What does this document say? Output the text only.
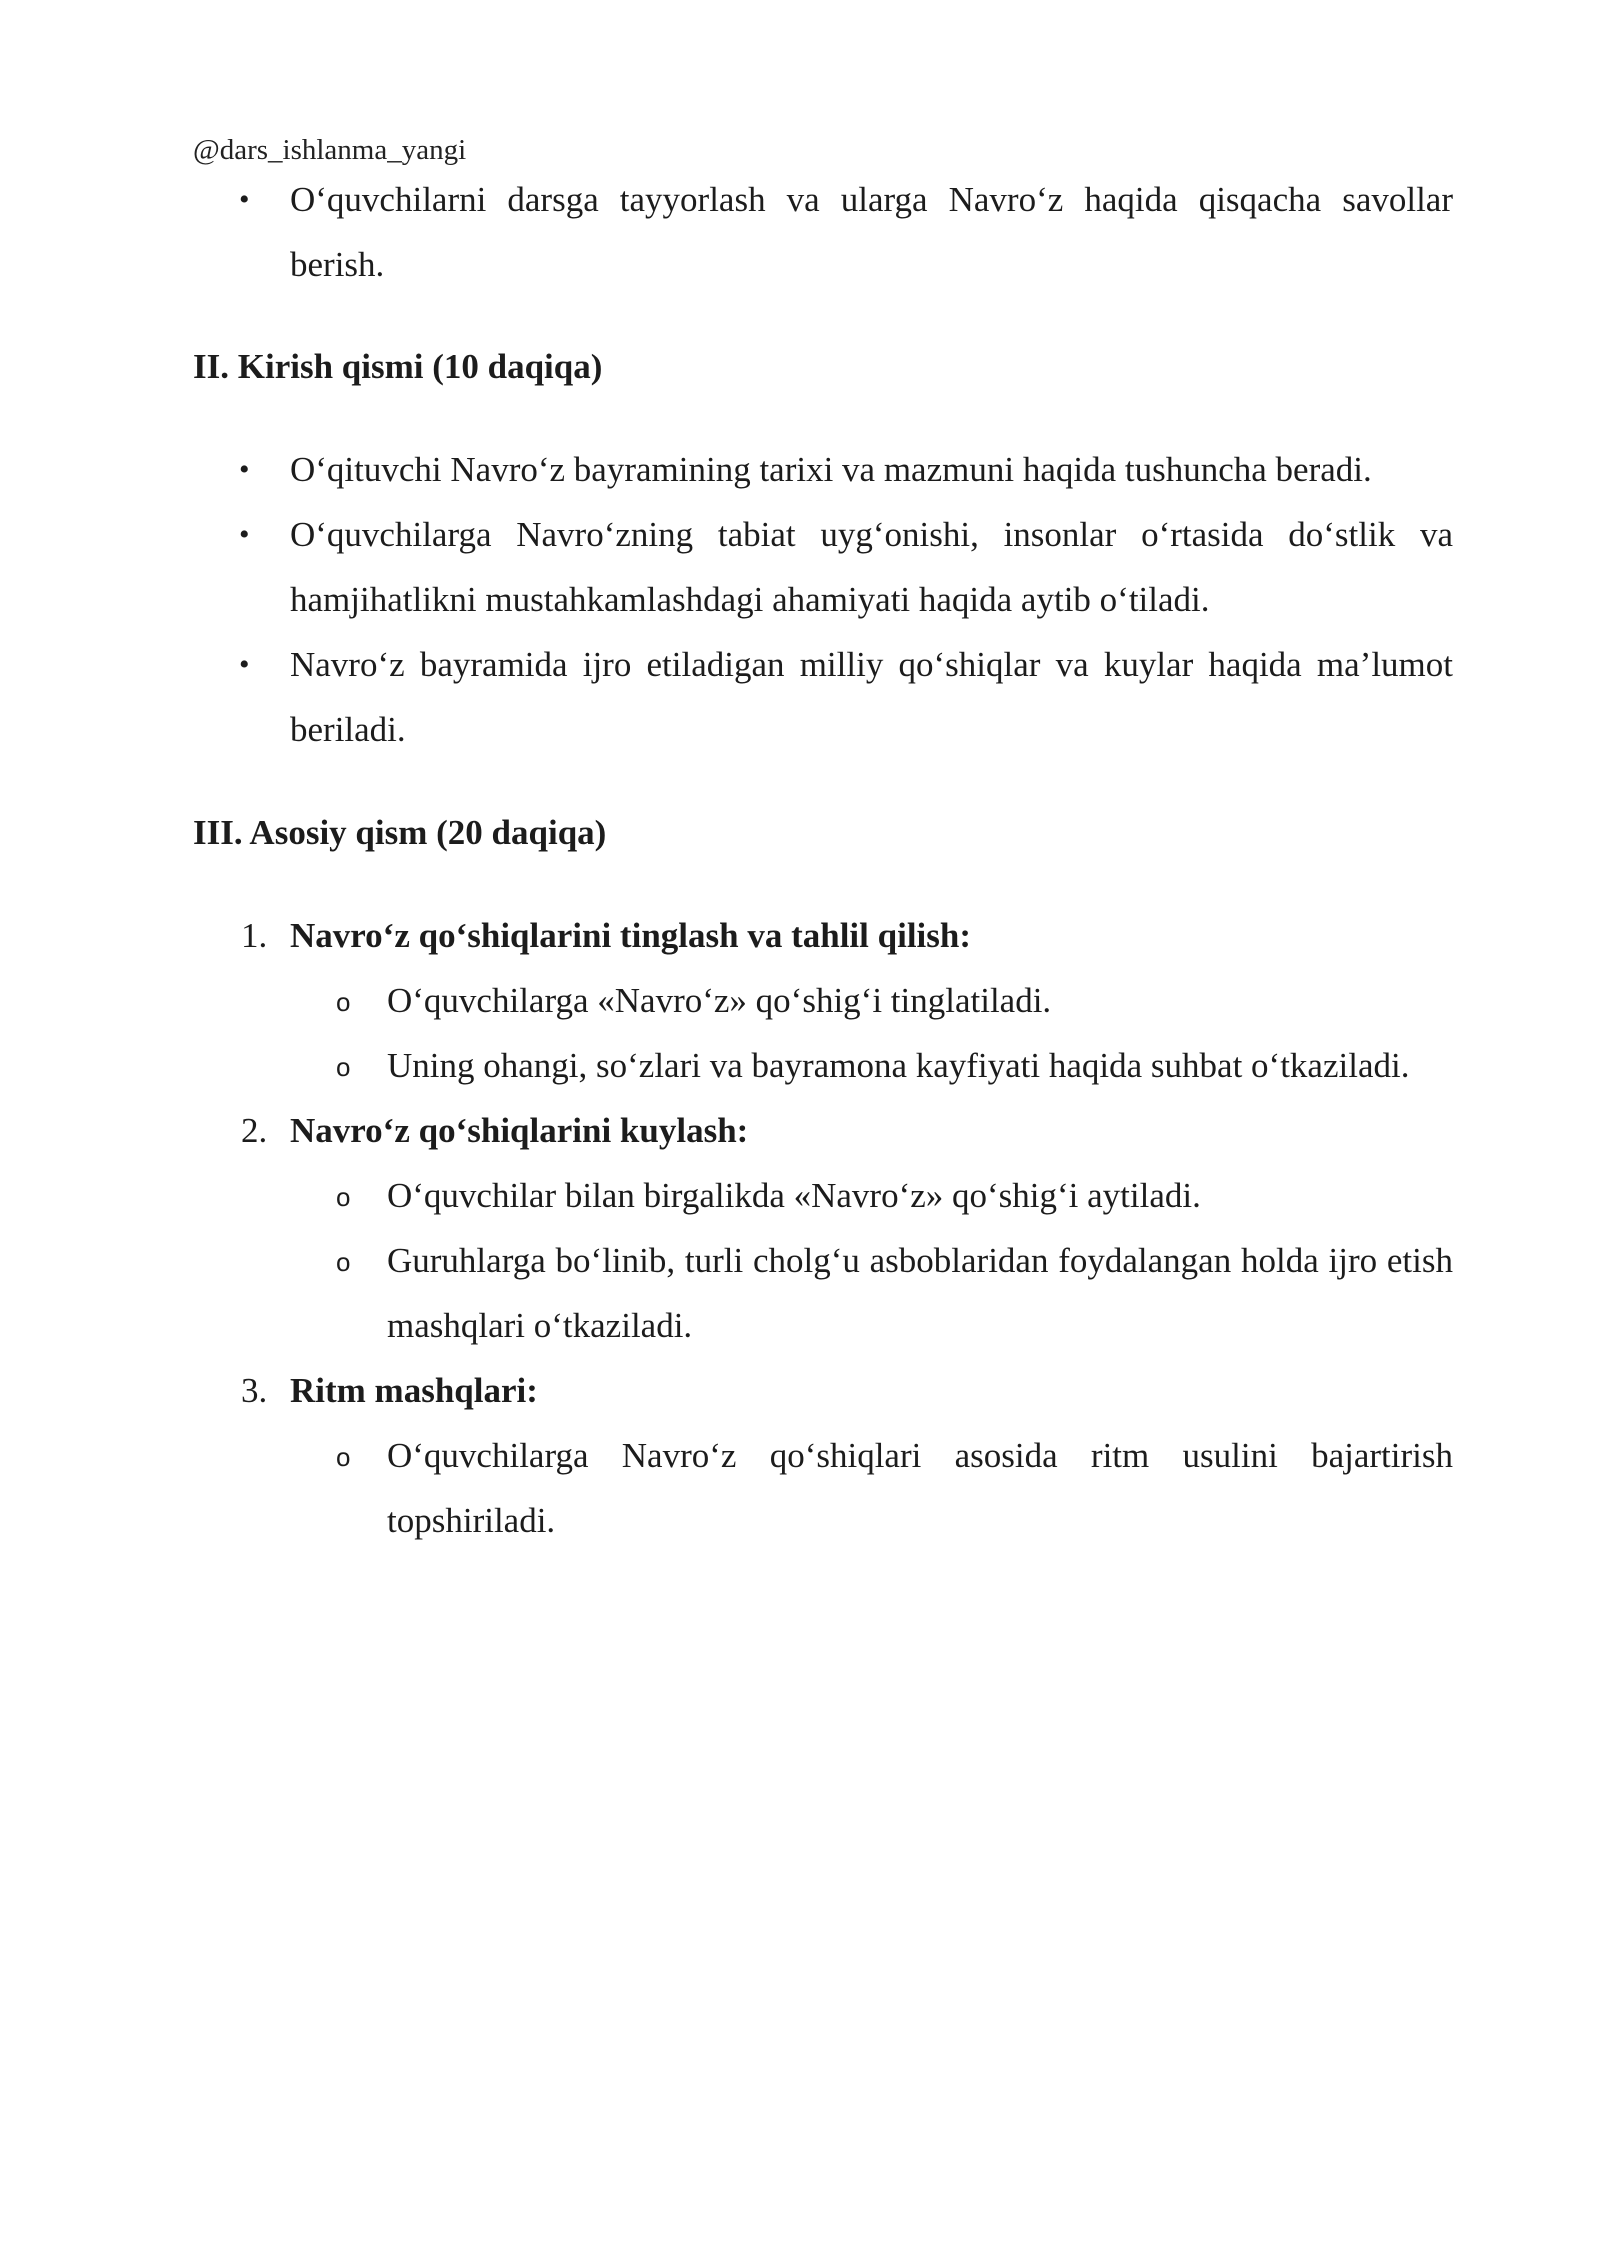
@dars_ishlanma_yangi
• O‘quvchilarni darsga tayyorlash va ularga Navro‘z haqida qisqacha savollar berish.
II. Kirish qismi (10 daqiqa)
• O‘qituvchi Navro‘z bayramining tarixi va mazmuni haqida tushuncha beradi.
• O‘quvchilarga Navro‘zning tabiat uyg‘onishi, insonlar o‘rtasida do‘stlik va hamjihatlikni mustahkamlashdagi ahamiyati haqida aytib o‘tiladi.
• Navro‘z bayramida ijro etiladigan milliy qo‘shiqlar va kuylar haqida ma’lumot beriladi.
III. Asosiy qism (20 daqiqa)
1. Navro‘z qo‘shiqlarini tinglash va tahlil qilish:
o O‘quvchilarga «Navro‘z» qo‘shig‘i tinglatiladi.
o Uning ohangi, so‘zlari va bayramona kayfiyati haqida suhbat o‘tkaziladi.
2. Navro‘z qo‘shiqlarini kuylash:
o O‘quvchilar bilan birgalikda «Navro‘z» qo‘shig‘i aytiladi.
o Guruhlarga bo‘linib, turli cholg‘u asboblaridan foydalangan holda ijro etish mashqlari o‘tkaziladi.
3. Ritm mashqlari:
o O‘quvchilarga Navro‘z qo‘shiqlari asosida ritm usulini bajartirish topshiriladi.
